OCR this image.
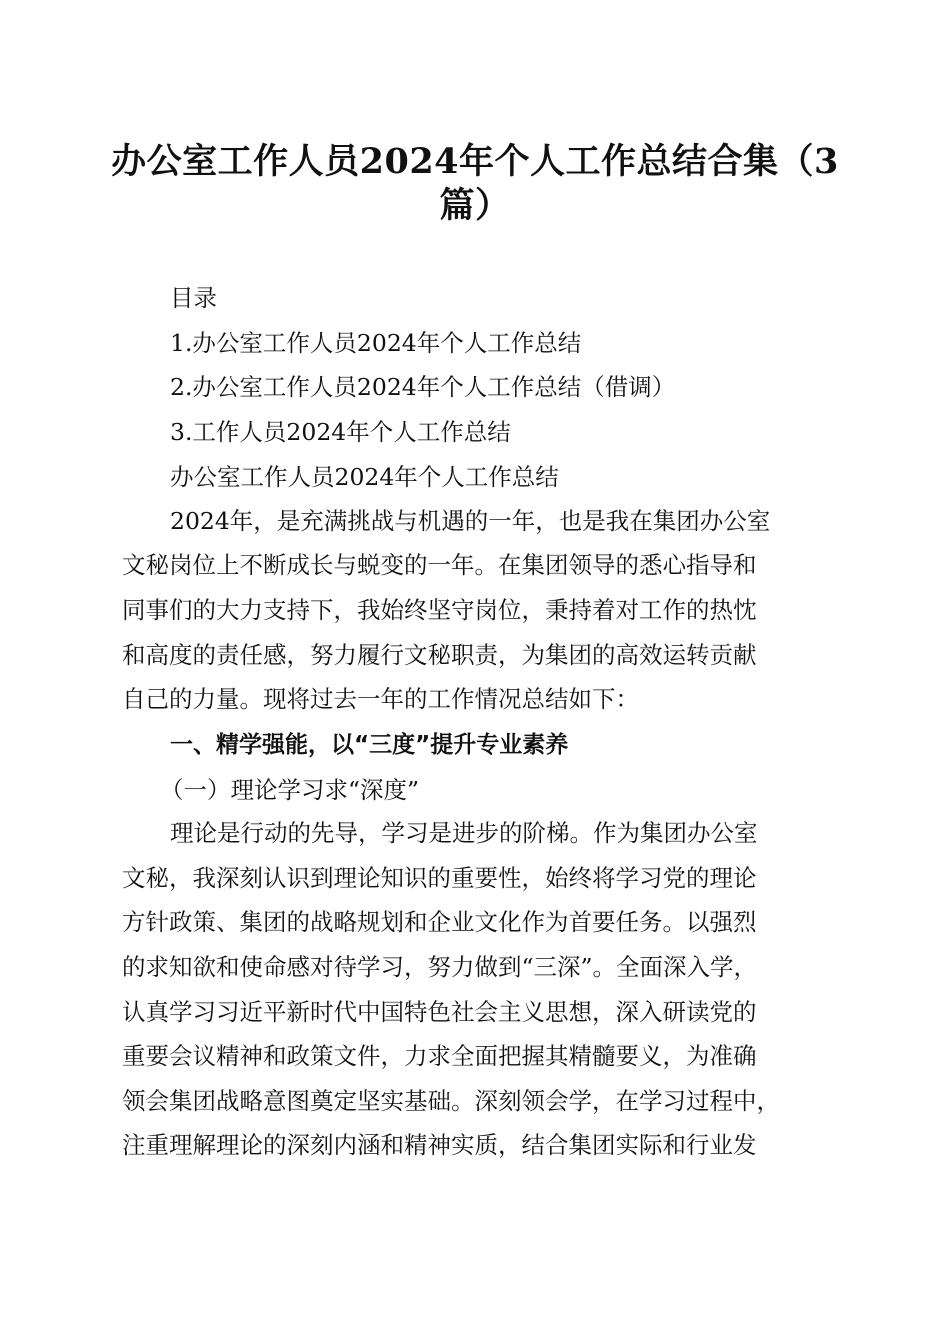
办公室工作人员2024年个人工作总结合集（3
篇）
目录
1.办公室工作人员2024年个人工作总结
2.办公室工作人员2024年个人工作总结（借调）
3.工作人员2024年个人工作总结
办公室工作人员2024年个人工作总结
2024年，是充满挑战与机遇的一年，也是我在集团办公室
文秘岗位上不断成长与蜕变的一年。在集团领导的悉心指导和
同事们的大力支持下，我始终坚守岗位，秉持着对工作的热忱
和高度的责任感，努力履行文秘职责，为集团的高效运转贡献
自己的力量。现将过去一年的工作情况总结如下：
一、精学强能，以“三度”提升专业素养
（一）理论学习求“深度”
理论是行动的先导，学习是进步的阶梯。作为集团办公室
文秘，我深刻认识到理论知识的重要性，始终将学习党的理论
方针政策、集团的战略规划和企业文化作为首要任务。以强烈
的求知欲和使命感对待学习，努力做到“三深”。全面深入学，
认真学习习近平新时代中国特色社会主义思想，深入研读党的
重要会议精神和政策文件，力求全面把握其精髓要义，为准确
领会集团战略意图奠定坚实基础。深刻领会学，在学习过程中，
注重理解理论的深刻内涵和精神实质，结合集团实际和行业发
